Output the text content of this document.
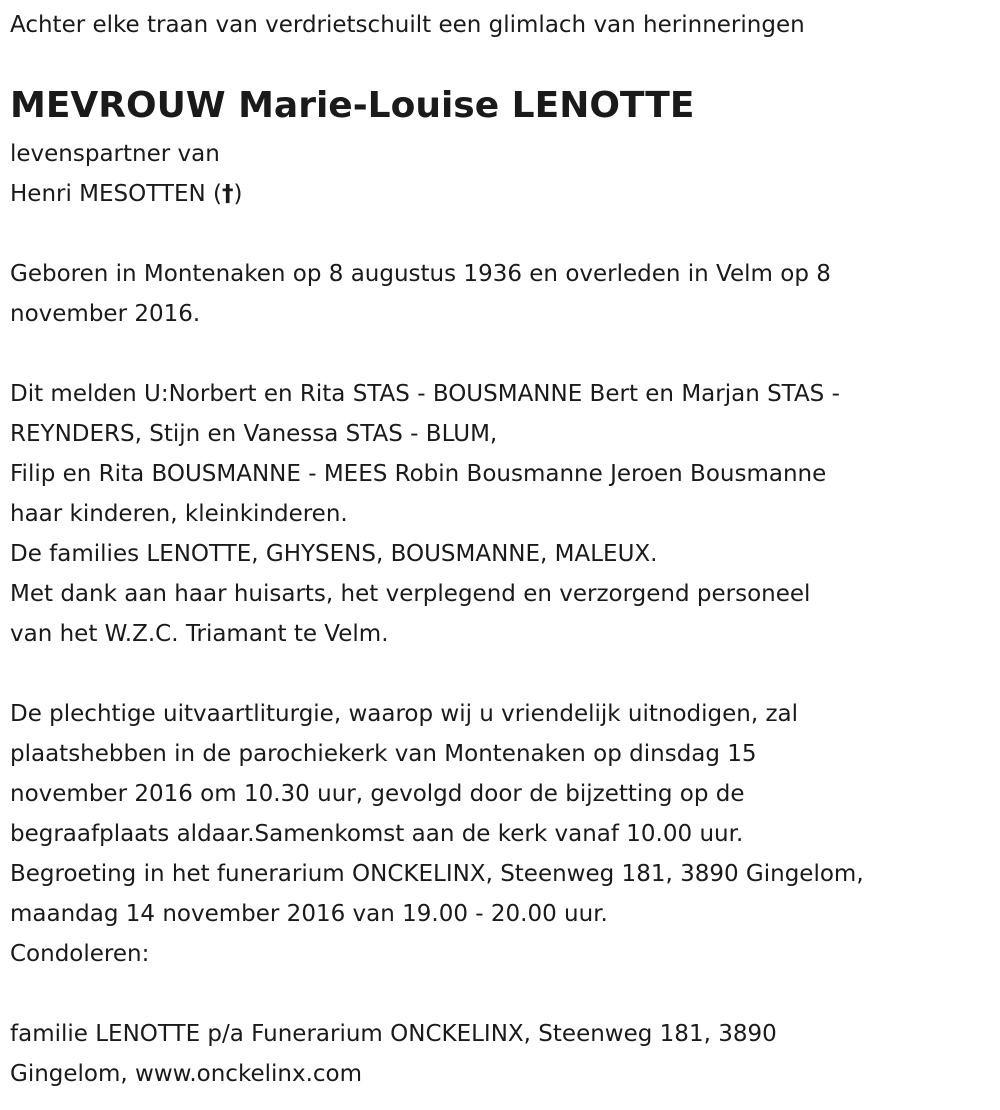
Achter elke traan van verdrietschuilt een glimlach van herinneringen
MEVROUW Marie-Louise LENOTTE
levenspartner van
Henri MESOTTEN (†)
Geboren in Montenaken op 8 augustus 1936 en overleden in Velm op 8
november 2016.
Dit melden U:Norbert en Rita STAS - BOUSMANNE Bert en Marjan STAS -
REYNDERS, Stijn en Vanessa STAS - BLUM,
Filip en Rita BOUSMANNE - MEES Robin Bousmanne Jeroen Bousmanne
haar kinderen, kleinkinderen.
De families LENOTTE, GHYSENS, BOUSMANNE, MALEUX.
Met dank aan haar huisarts, het verplegend en verzorgend personeel
van het W.Z.C. Triamant te Velm.
De plechtige uitvaartliturgie, waarop wij u vriendelijk uitnodigen, zal
plaatshebben in de parochiekerk van Montenaken op dinsdag 15
november 2016 om 10.30 uur, gevolgd door de bijzetting op de
begraafplaats aldaar.Samenkomst aan de kerk vanaf 10.00 uur.
Begroeting in het funerarium ONCKELINX, Steenweg 181, 3890 Gingelom,
maandag 14 november 2016 van 19.00 - 20.00 uur.
Condoleren:
familie LENOTTE p/a Funerarium ONCKELINX, Steenweg 181, 3890
Gingelom, www.onckelinx.com
